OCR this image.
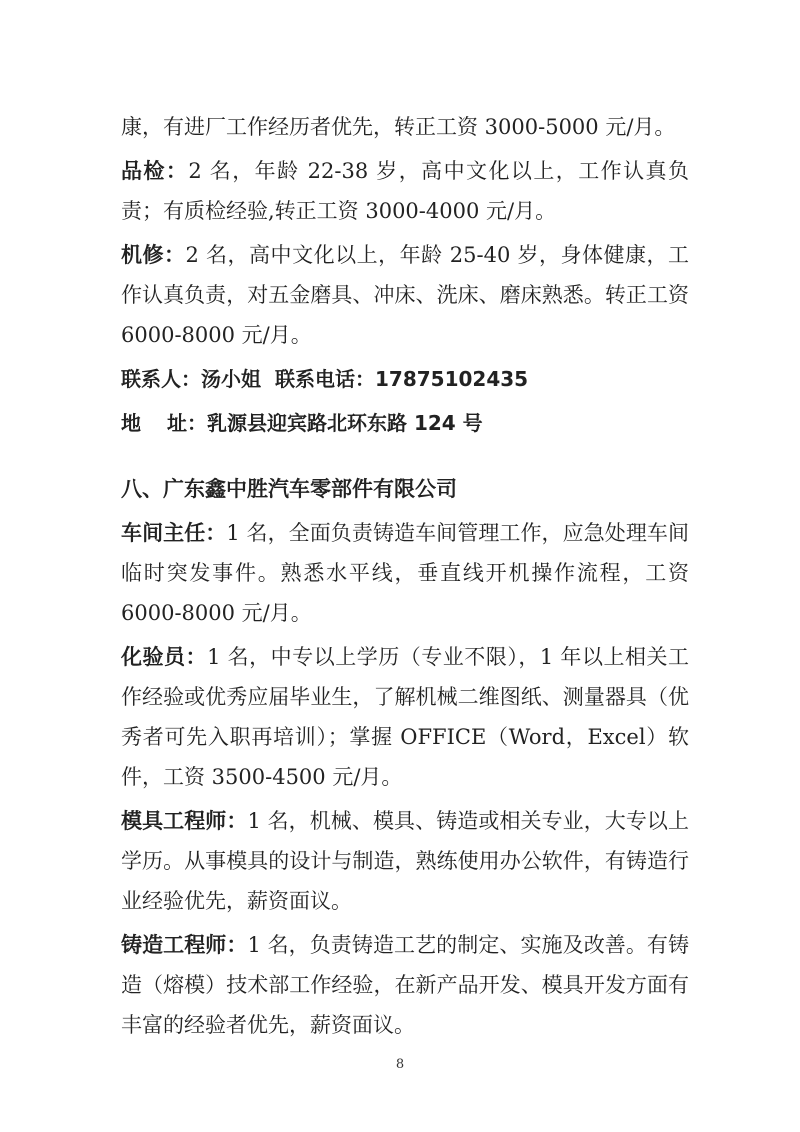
康，有进厂工作经历者优先，转正工资 3000-5000 元/月。

品检：2 名，年龄 22-38 岁，高中文化以上，工作认真负责；有质检经验,转正工资 3000-4000 元/月。

机修：2 名，高中文化以上，年龄 25-40 岁，身体健康，工作认真负责，对五金磨具、冲床、洗床、磨床熟悉。转正工资 6000-8000 元/月。

联系人：汤小姐 联系电话：17875102435

地 址：乳源县迎宾路北环东路 124 号

八、广东鑫中胜汽车零部件有限公司

车间主任：1 名，全面负责铸造车间管理工作，应急处理车间临时突发事件。熟悉水平线，垂直线开机操作流程，工资 6000-8000 元/月。

化验员：1 名，中专以上学历（专业不限），1 年以上相关工作经验或优秀应届毕业生，了解机械二维图纸、测量器具（优秀者可先入职再培训）；掌握 OFFICE（Word，Excel）软件，工资 3500-4500 元/月。

模具工程师：1 名，机械、模具、铸造或相关专业，大专以上学历。从事模具的设计与制造，熟练使用办公软件，有铸造行业经验优先，薪资面议。

铸造工程师：1 名，负责铸造工艺的制定、实施及改善。有铸造（熔模）技术部工作经验，在新产品开发、模具开发方面有丰富的经验者优先，薪资面议。

8
